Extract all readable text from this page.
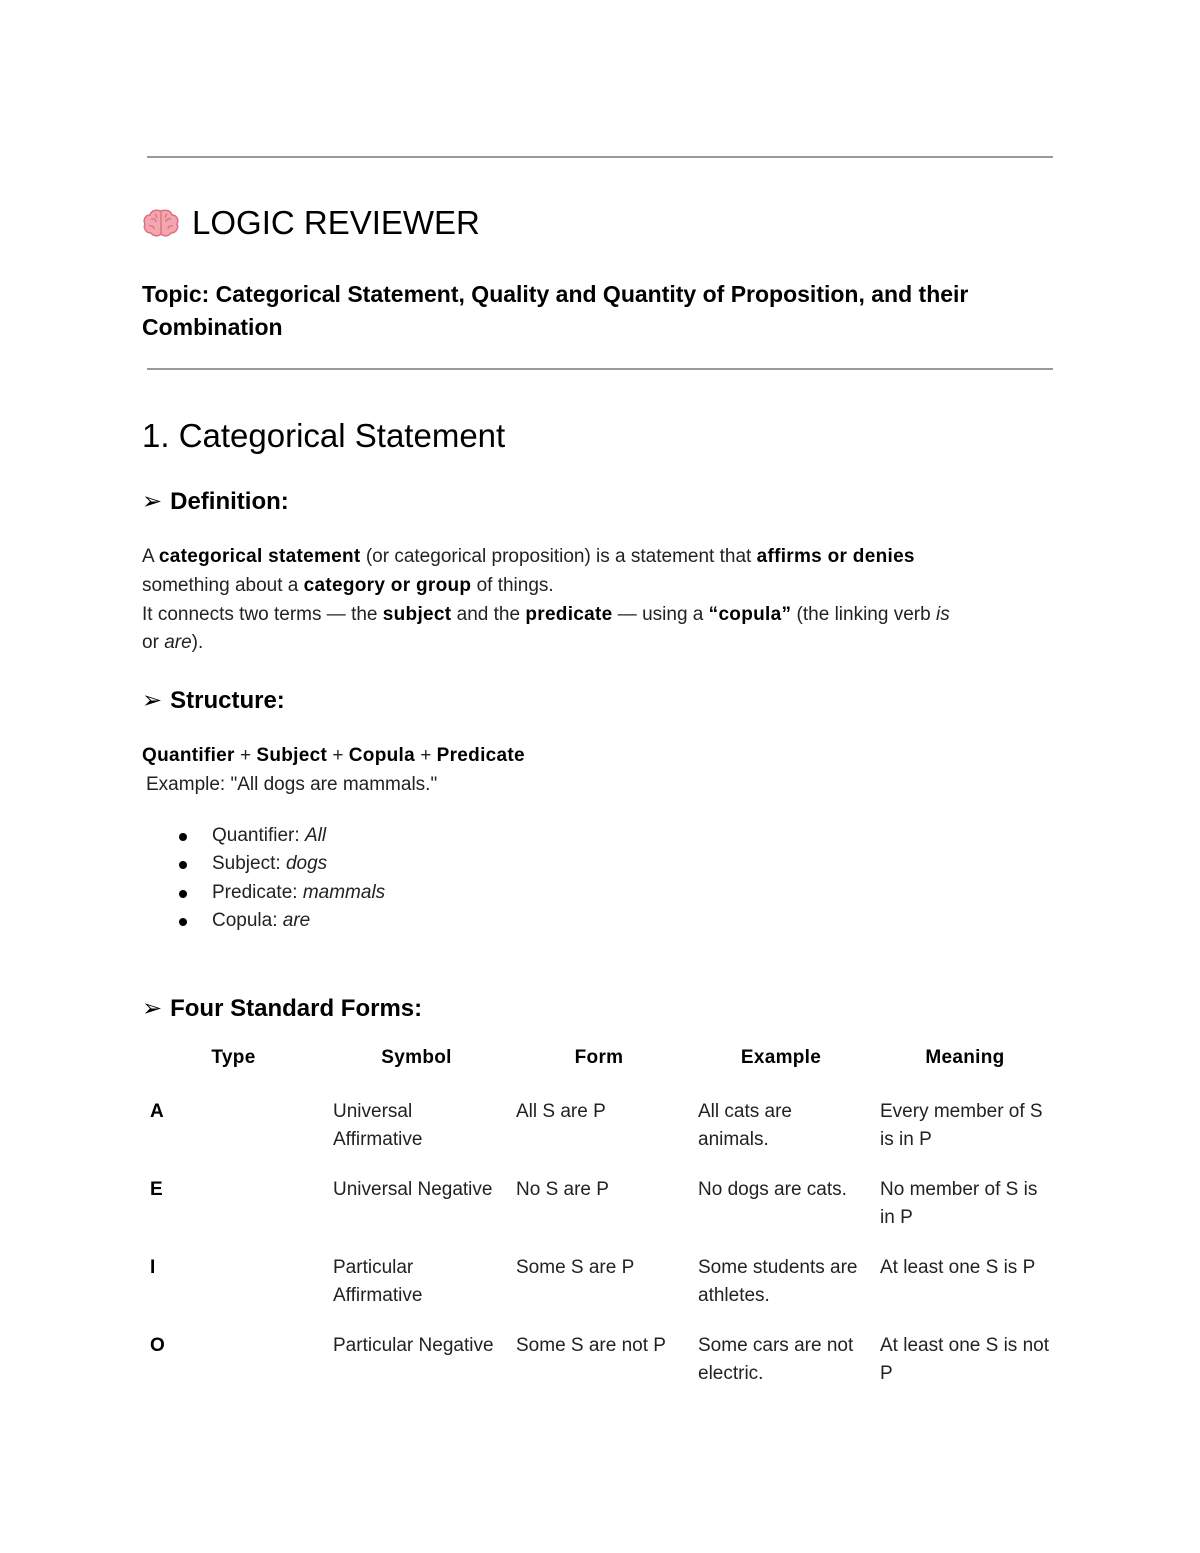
LOGIC REVIEWER
Topic: Categorical Statement, Quality and Quantity of Proposition, and their Combination
1. Categorical Statement
➢ Definition:
A categorical statement (or categorical proposition) is a statement that affirms or denies
something about a category or group of things.
It connects two terms — the subject and the predicate — using a “copula” (the linking verb is
or are).
➢ Structure:
Quantifier + Subject + Copula + Predicate
Example: "All dogs are mammals."
Quantifier: All
Subject: dogs
Predicate: mammals
Copula: are
➢ Four Standard Forms:
Type	Symbol	Form	Example	Meaning
A	Universal Affirmative	All S are P	All cats are animals.	Every member of S is in P
E	Universal Negative	No S are P	No dogs are cats.	No member of S is in P
I	Particular Affirmative	Some S are P	Some students are athletes.	At least one S is P
O	Particular Negative	Some S are not P	Some cars are not electric.	At least one S is not P
